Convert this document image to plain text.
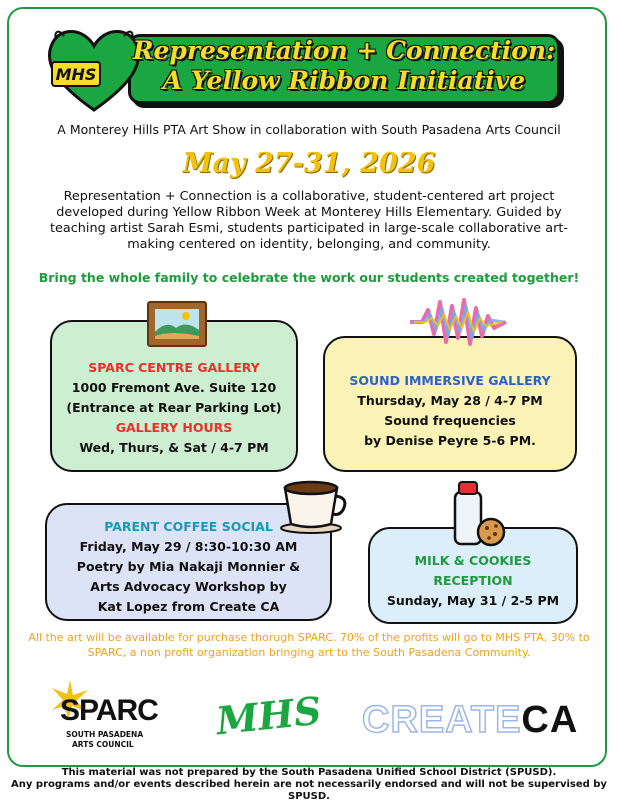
MHS
Representation + Connection:
A Yellow Ribbon Initiative
A Monterey Hills PTA Art Show in collaboration with South Pasadena Arts Council
May 27-31, 2026
Representation + Connection is a collaborative, student-centered art project developed during Yellow Ribbon Week at Monterey Hills Elementary. Guided by teaching artist Sarah Esmi, students participated in large-scale collaborative art-making centered on identity, belonging, and community.
Bring the whole family to celebrate the work our students created together!
SPARC CENTRE GALLERY
1000 Fremont Ave. Suite 120
(Entrance at Rear Parking Lot)
GALLERY HOURS
Wed, Thurs, & Sat / 4-7 PM
SOUND IMMERSIVE GALLERY
Thursday, May 28 / 4-7 PM
Sound frequencies
by Denise Peyre 5-6 PM.
PARENT COFFEE SOCIAL
Friday, May 29 / 8:30-10:30 AM
Poetry by Mia Nakaji Monnier &
Arts Advocacy Workshop by
Kat Lopez from Create CA
MILK & COOKIES
RECEPTION
Sunday, May 31 / 2-5 PM
All the art will be available for purchase thorugh SPARC. 70% of the profits will go to MHS PTA, 30% to SPARC, a non profit organization bringing art to the South Pasadena Community.
SPARC
SOUTH PASADENA
ARTS COUNCIL
MHS CREATECA
This material was not prepared by the South Pasadena Unified School District (SPUSD).
Any programs and/or events described herein are not necessarily endorsed and will not be supervised by SPUSD.
